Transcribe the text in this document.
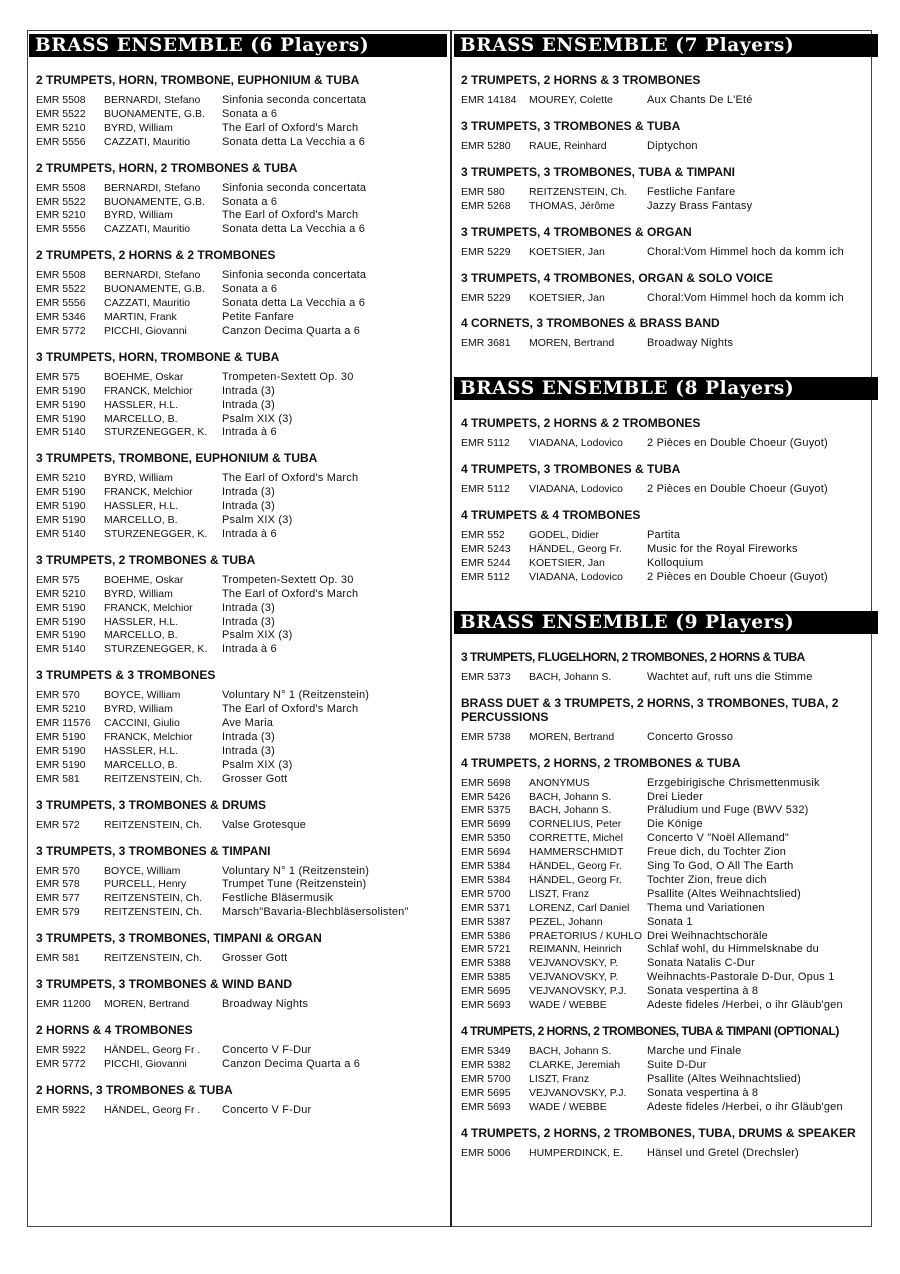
BRASS ENSEMBLE (6 Players)
2 TRUMPETS, HORN, TROMBONE, EUPHONIUM & TUBA
EMR 5508	BERNARDI, Stefano	Sinfonia seconda concertata
EMR 5522	BUONAMENTE, G.B.	Sonata a 6
EMR 5210	BYRD, William	The Earl of Oxford's March
EMR 5556	CAZZATI, Mauritio	Sonata detta La Vecchia a 6
2 TRUMPETS, HORN, 2 TROMBONES & TUBA
EMR 5508	BERNARDI, Stefano	Sinfonia seconda concertata
EMR 5522	BUONAMENTE, G.B.	Sonata a 6
EMR 5210	BYRD, William	The Earl of Oxford's March
EMR 5556	CAZZATI, Mauritio	Sonata detta La Vecchia a 6
2 TRUMPETS, 2 HORNS & 2 TROMBONES
EMR 5508	BERNARDI, Stefano	Sinfonia seconda concertata
EMR 5522	BUONAMENTE, G.B.	Sonata a 6
EMR 5556	CAZZATI, Mauritio	Sonata detta La Vecchia a 6
EMR 5346	MARTIN, Frank	Petite Fanfare
EMR 5772	PICCHI, Giovanni	Canzon Decima Quarta a 6
3 TRUMPETS, HORN, TROMBONE & TUBA
EMR 575	BOEHME, Oskar	Trompeten-Sextett Op. 30
EMR 5190	FRANCK, Melchior	Intrada (3)
EMR 5190	HASSLER, H.L.	Intrada (3)
EMR 5190	MARCELLO, B.	Psalm XIX (3)
EMR 5140	STURZENEGGER, K.	Intrada à 6
3 TRUMPETS, TROMBONE, EUPHONIUM & TUBA
EMR 5210	BYRD, William	The Earl of Oxford's March
EMR 5190	FRANCK, Melchior	Intrada (3)
EMR 5190	HASSLER, H.L.	Intrada (3)
EMR 5190	MARCELLO, B.	Psalm XIX (3)
EMR 5140	STURZENEGGER, K.	Intrada à 6
3 TRUMPETS, 2 TROMBONES & TUBA
EMR 575	BOEHME, Oskar	Trompeten-Sextett Op. 30
EMR 5210	BYRD, William	The Earl of Oxford's March
EMR 5190	FRANCK, Melchior	Intrada (3)
EMR 5190	HASSLER, H.L.	Intrada (3)
EMR 5190	MARCELLO, B.	Psalm XIX (3)
EMR 5140	STURZENEGGER, K.	Intrada à 6
3 TRUMPETS & 3 TROMBONES
EMR 570	BOYCE, William	Voluntary N° 1 (Reitzenstein)
EMR 5210	BYRD, William	The Earl of Oxford's March
EMR 11576	CACCINI, Giulio	Ave Maria
EMR 5190	FRANCK, Melchior	Intrada (3)
EMR 5190	HASSLER, H.L.	Intrada (3)
EMR 5190	MARCELLO, B.	Psalm XIX (3)
EMR 581	REITZENSTEIN, Ch.	Grosser Gott
3 TRUMPETS, 3 TROMBONES & DRUMS
EMR 572	REITZENSTEIN, Ch.	Valse Grotesque
3 TRUMPETS, 3 TROMBONES & TIMPANI
EMR 570	BOYCE, William	Voluntary N° 1 (Reitzenstein)
EMR 578	PURCELL, Henry	Trumpet Tune (Reitzenstein)
EMR 577	REITZENSTEIN, Ch.	Festliche Bläsermusik
EMR 579	REITZENSTEIN, Ch.	Marsch"Bavaria-Blechbläsersolisten"
3 TRUMPETS, 3 TROMBONES, TIMPANI & ORGAN
EMR 581	REITZENSTEIN, Ch.	Grosser Gott
3 TRUMPETS, 3 TROMBONES & WIND BAND
EMR 11200	MOREN, Bertrand	Broadway Nights
2 HORNS & 4 TROMBONES
EMR 5922	HÄNDEL, Georg Fr .	Concerto V F-Dur
EMR 5772	PICCHI, Giovanni	Canzon Decima Quarta a 6
2 HORNS, 3 TROMBONES & TUBA
EMR 5922	HÄNDEL, Georg Fr .	Concerto V F-Dur
BRASS ENSEMBLE (7 Players)
2 TRUMPETS, 2 HORNS & 3 TROMBONES
EMR 14184	MOUREY, Colette	Aux Chants De L'Eté
3 TRUMPETS, 3 TROMBONES & TUBA
EMR 5280	RAUE, Reinhard	Diptychon
3 TRUMPETS, 3 TROMBONES, TUBA & TIMPANI
EMR 580	REITZENSTEIN, Ch.	Festliche Fanfare
EMR 5268	THOMAS, Jérôme	Jazzy Brass Fantasy
3 TRUMPETS, 4 TROMBONES & ORGAN
EMR 5229	KOETSIER, Jan	Choral:Vom Himmel hoch da komm ich
3 TRUMPETS, 4 TROMBONES, ORGAN & SOLO VOICE
EMR 5229	KOETSIER, Jan	Choral:Vom Himmel hoch da komm ich
4 CORNETS, 3 TROMBONES & BRASS BAND
EMR 3681	MOREN, Bertrand	Broadway Nights
BRASS ENSEMBLE (8 Players)
4 TRUMPETS, 2 HORNS & 2 TROMBONES
EMR 5112	VIADANA, Lodovico	2 Pièces en Double Choeur (Guyot)
4 TRUMPETS, 3 TROMBONES & TUBA
EMR 5112	VIADANA, Lodovico	2 Pièces en Double Choeur (Guyot)
4 TRUMPETS & 4 TROMBONES
EMR 552	GODEL, Didier	Partita
EMR 5243	HÄNDEL, Georg Fr.	Music for the Royal Fireworks
EMR 5244	KOETSIER, Jan	Kolloquium
EMR 5112	VIADANA, Lodovico	2 Pièces en Double Choeur (Guyot)
BRASS ENSEMBLE (9 Players)
3 TRUMPETS, FLUGELHORN, 2 TROMBONES, 2 HORNS & TUBA
EMR 5373	BACH, Johann S.	Wachtet auf, ruft uns die Stimme
BRASS DUET & 3 TRUMPETS, 2 HORNS, 3 TROMBONES, TUBA, 2 PERCUSSIONS
EMR 5738	MOREN, Bertrand	Concerto Grosso
4 TRUMPETS, 2 HORNS, 2 TROMBONES & TUBA
EMR 5698	ANONYMUS	Erzgebirigische Chrismettenmusik
EMR 5426	BACH, Johann S.	Drei Lieder
EMR 5375	BACH, Johann S.	Präludium und Fuge (BWV 532)
EMR 5699	CORNELIUS, Peter	Die Könige
EMR 5350	CORRETTE, Michel	Concerto V "Noël Allemand"
EMR 5694	HAMMERSCHMIDT	Freue dich, du Tochter Zion
EMR 5384	HÄNDEL, Georg Fr.	Sing To God, O All The Earth
EMR 5384	HÄNDEL, Georg Fr.	Tochter Zion, freue dich
EMR 5700	LISZT, Franz	Psallite (Altes Weihnachtslied)
EMR 5371	LORENZ, Carl Daniel	Thema und Variationen
EMR 5387	PEZEL, Johann	Sonata 1
EMR 5386	PRAETORIUS / KUHLO Drei Weihnachtschoräle
EMR 5721	REIMANN, Heinrich	Schlaf wohl, du Himmelsknabe du
EMR 5388	VEJVANOVSKY, P.	Sonata Natalis C-Dur
EMR 5385	VEJVANOVSKY, P.	Weihnachts-Pastorale D-Dur, Opus 1
EMR 5695	VEJVANOVSKY, P.J.	Sonata vespertina à 8
EMR 5693	WADE / WEBBE	Adeste fideles /Herbei, o ihr Gläub'gen
4 TRUMPETS, 2 HORNS, 2 TROMBONES, TUBA & TIMPANI (OPTIONAL)
EMR 5349	BACH, Johann S.	Marche und Finale
EMR 5382	CLARKE, Jeremiah	Suite D-Dur
EMR 5700	LISZT, Franz	Psallite (Altes Weihnachtslied)
EMR 5695	VEJVANOVSKY, P.J.	Sonata vespertina à 8
EMR 5693	WADE / WEBBE	Adeste fideles /Herbei, o ihr Gläub'gen
4 TRUMPETS, 2 HORNS, 2 TROMBONES, TUBA, DRUMS & SPEAKER
EMR 5006	HUMPERDINCK, E.	Hänsel und Gretel (Drechsler)
